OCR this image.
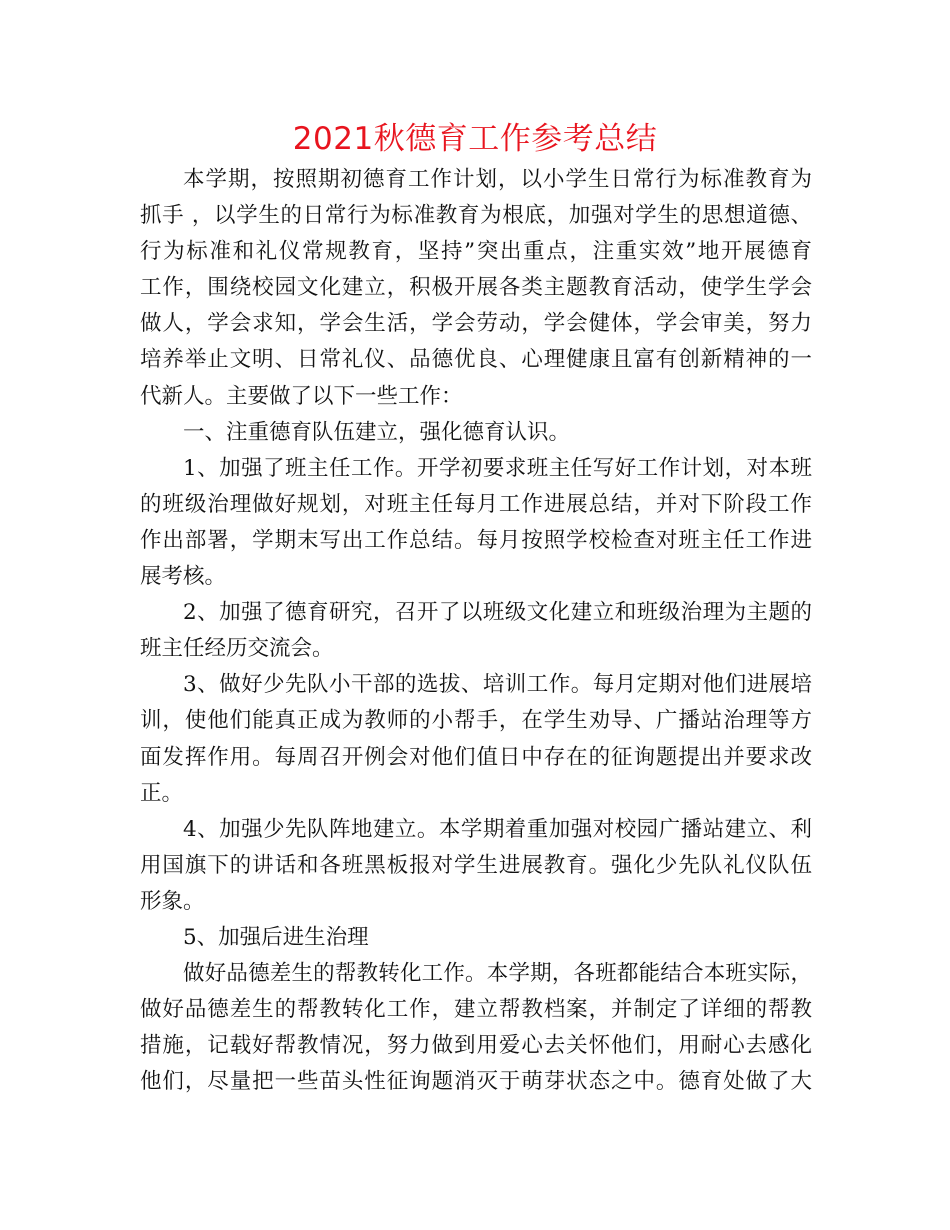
2021秋德育工作参考总结
本学期，按照期初德育工作计划，以小学生日常行为标准教育为
抓手 ，以学生的日常行为标准教育为根底，加强对学生的思想道德、
行为标准和礼仪常规教育，坚持”突出重点，注重实效”地开展德育
工作，围绕校园文化建立，积极开展各类主题教育活动，使学生学会
做人，学会求知，学会生活，学会劳动，学会健体，学会审美，努力
培养举止文明、日常礼仪、品德优良、心理健康且富有创新精神的一
代新人。主要做了以下一些工作：
一、注重德育队伍建立，强化德育认识。
1、加强了班主任工作。开学初要求班主任写好工作计划，对本班
的班级治理做好规划，对班主任每月工作进展总结，并对下阶段工作
作出部署，学期末写出工作总结。每月按照学校检查对班主任工作进
展考核。
2、加强了德育研究，召开了以班级文化建立和班级治理为主题的
班主任经历交流会。
3、做好少先队小干部的选拔、培训工作。每月定期对他们进展培
训，使他们能真正成为教师的小帮手，在学生劝导、广播站治理等方
面发挥作用。每周召开例会对他们值日中存在的征询题提出并要求改
正。
4、加强少先队阵地建立。本学期着重加强对校园广播站建立、利
用国旗下的讲话和各班黑板报对学生进展教育。强化少先队礼仪队伍
形象。
5、加强后进生治理
做好品德差生的帮教转化工作。本学期，各班都能结合本班实际，
做好品德差生的帮教转化工作，建立帮教档案，并制定了详细的帮教
措施，记载好帮教情况，努力做到用爱心去关怀他们，用耐心去感化
他们，尽量把一些苗头性征询题消灭于萌芽状态之中。德育处做了大
